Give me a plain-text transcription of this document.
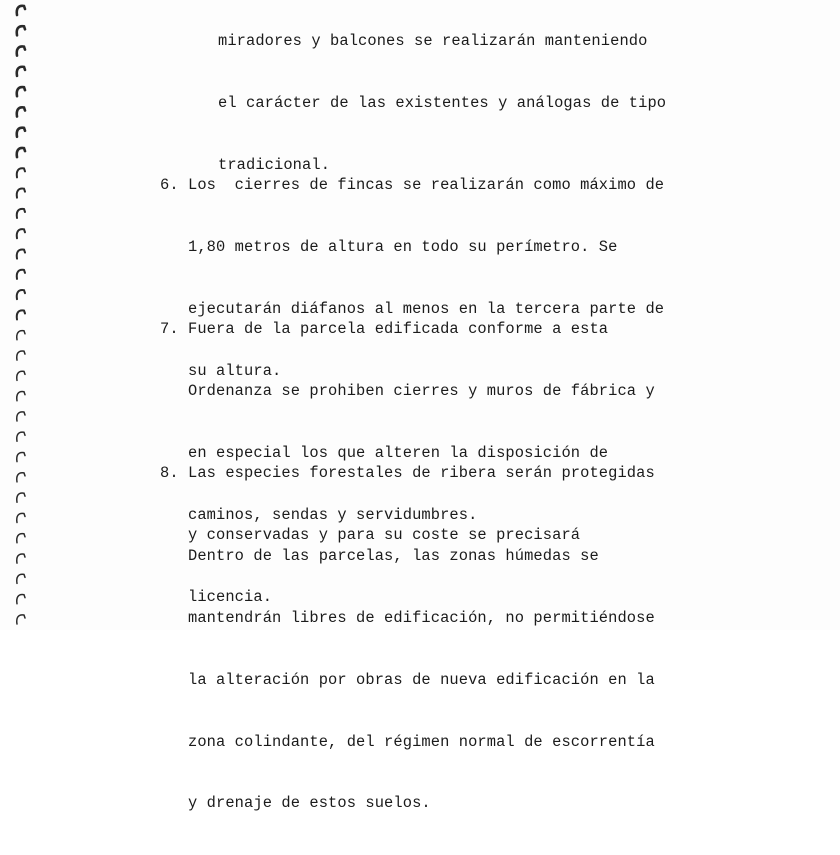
miradores y balcones se realizarán manteniendo

el carácter de las existentes y análogas de tipo

tradicional.

6. Los  cierres de fincas se realizarán como máximo de

1,80 metros de altura en todo su perímetro. Se

ejecutarán diáfanos al menos en la tercera parte de

su altura.

7. Fuera de la parcela edificada conforme a esta

Ordenanza se prohiben cierres y muros de fábrica y

en especial los que alteren la disposición de

caminos, sendas y servidumbres.

8. Las especies forestales de ribera serán protegidas

y conservadas y para su coste se precisará

licencia.

Dentro de las parcelas, las zonas húmedas se

mantendrán libres de edificación, no permitiéndose

la alteración por obras de nueva edificación en la

zona colindante, del régimen normal de escorrentía

y drenaje de estos suelos.
